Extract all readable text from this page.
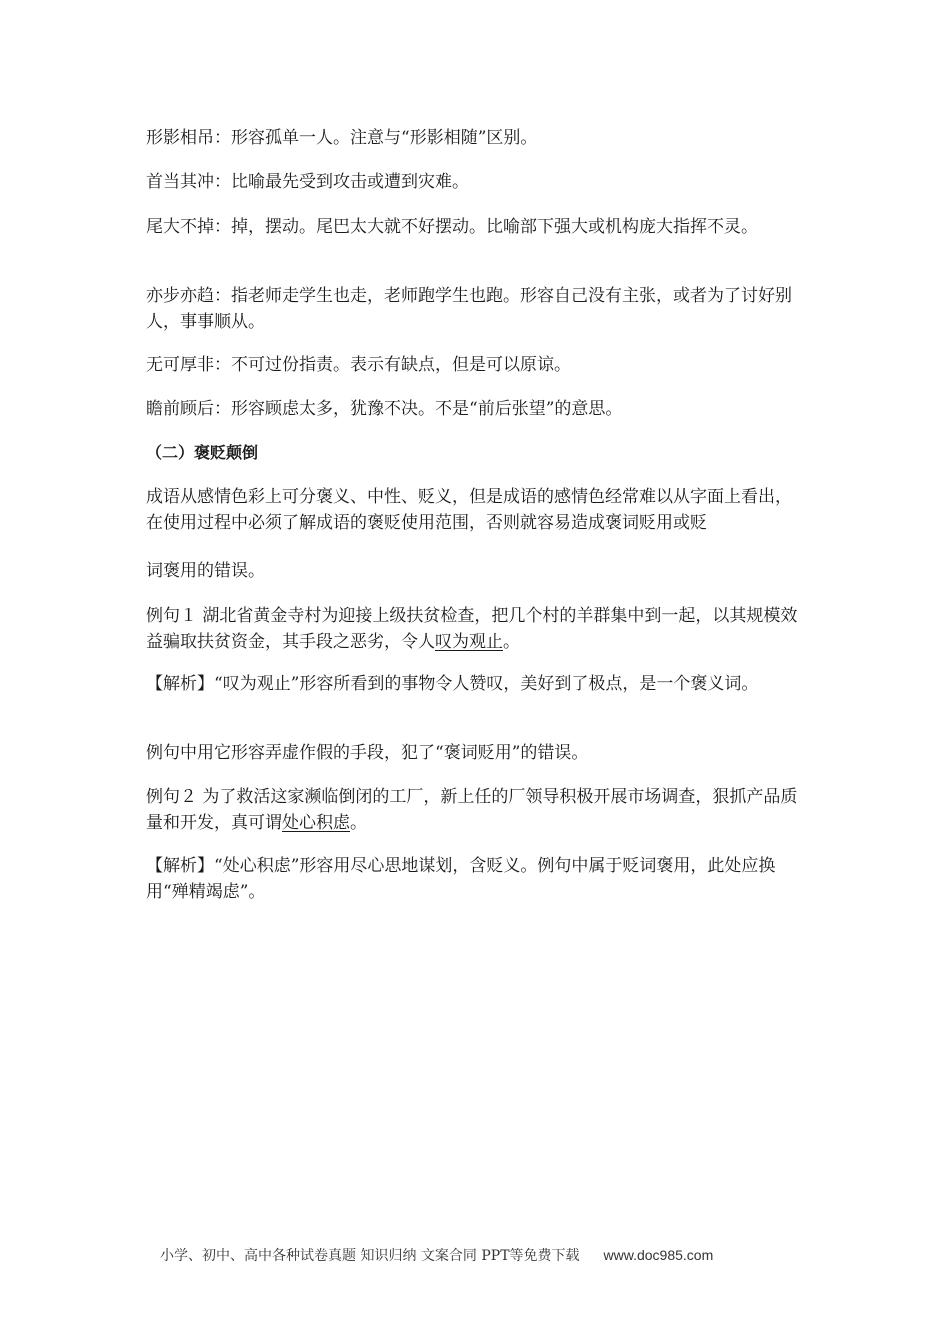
形影相吊：形容孤单一人。注意与“形影相随”区别。

首当其冲：比喻最先受到攻击或遭到灾难。

尾大不掉：掉，摆动。尾巴太大就不好摆动。比喻部下强大或机构庞大指挥不灵。

亦步亦趋：指老师走学生也走，老师跑学生也跑。形容自己没有主张，或者为了讨好别人，事事顺从。

无可厚非：不可过份指责。表示有缺点，但是可以原谅。

瞻前顾后：形容顾虑太多，犹豫不决。不是“前后张望”的意思。

（二）褒贬颠倒

成语从感情色彩上可分褒义、中性、贬义，但是成语的感情色经常难以从字面上看出，在使用过程中必须了解成语的褒贬使用范围，否则就容易造成褒词贬用或贬

词褒用的错误。

例句１ 湖北省黄金寺村为迎接上级扶贫检查，把几个村的羊群集中到一起，以其规模效益骗取扶贫资金，其手段之恶劣，令人叹为观止。

【解析】“叹为观止”形容所看到的事物令人赞叹，美好到了极点，是一个褒义词。

例句中用它形容弄虚作假的手段，犯了“褒词贬用”的错误。

例句２ 为了救活这家濒临倒闭的工厂，新上任的厂领导积极开展市场调查，狠抓产品质量和开发，真可谓处心积虑。

【解析】“处心积虑”形容用尽心思地谋划，含贬义。例句中属于贬词褒用，此处应换用“殚精竭虑”。

小学、初中、高中各种试卷真题 知识归纳 文案合同 PPT等免费下载 www.doc985.com
